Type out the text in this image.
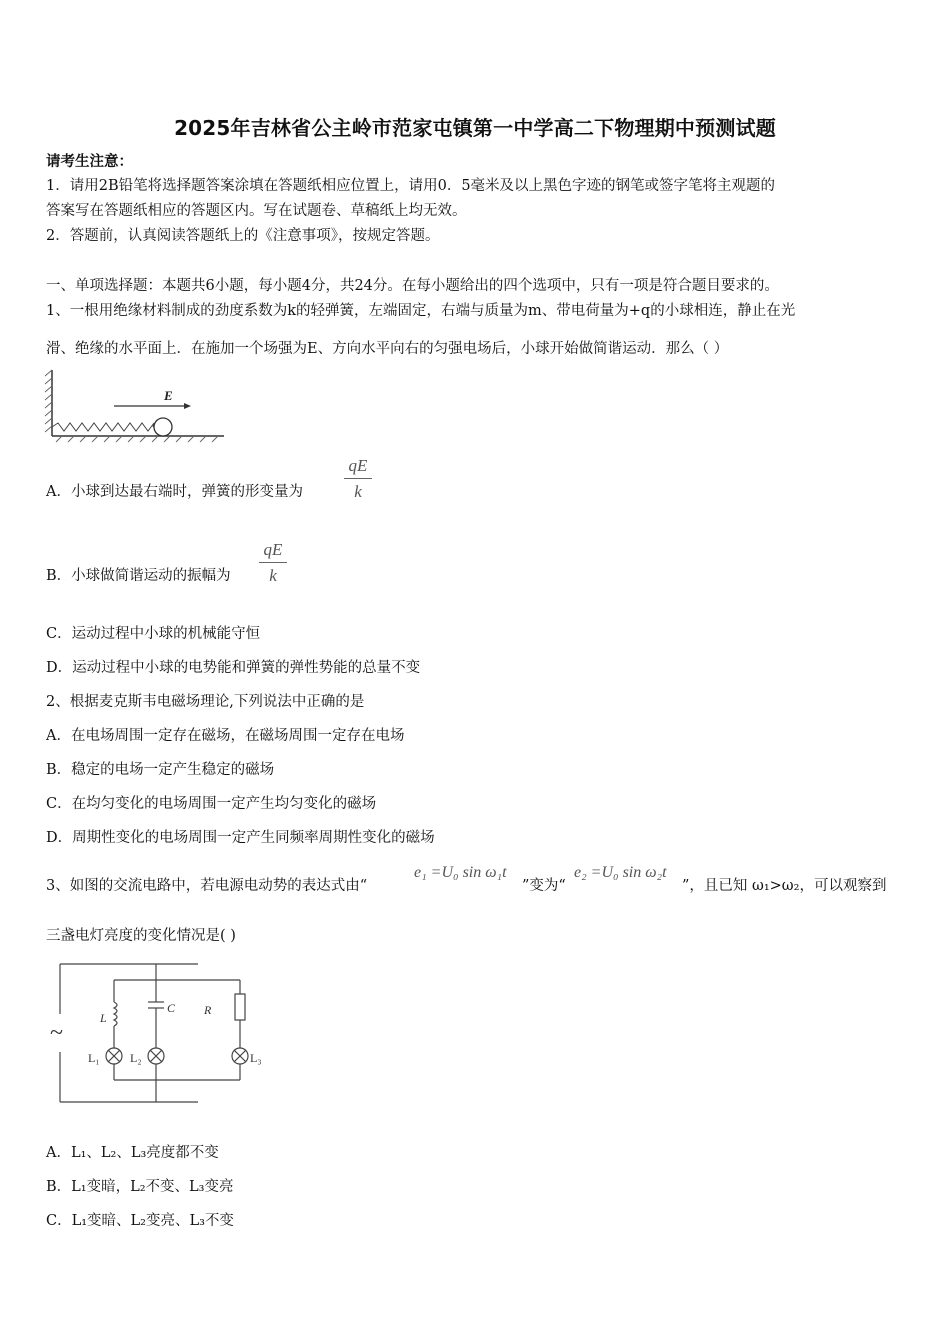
2025年吉林省公主岭市范家屯镇第一中学高二下物理期中预测试题
请考生注意：
1．请用2B铅笔将选择题答案涂填在答题纸相应位置上，请用0．5毫米及以上黑色字迹的钢笔或签字笔将主观题的
答案写在答题纸相应的答题区内。写在试题卷、草稿纸上均无效。
2．答题前，认真阅读答题纸上的《注意事项》，按规定答题。
一、单项选择题：本题共6小题，每小题4分，共24分。在每小题给出的四个选项中，只有一项是符合题目要求的。
1、一根用绝缘材料制成的劲度系数为k的轻弹簧，左端固定，右端与质量为m、带电荷量为+q的小球相连，静止在光
滑、绝缘的水平面上．在施加一个场强为E、方向水平向右的匀强电场后，小球开始做简谐运动．那么（ ）
E
A．小球到达最右端时，弹簧的形变量为
qE
k
B．小球做简谐运动的振幅为
qE
k
C．运动过程中小球的机械能守恒
D．运动过程中小球的电势能和弹簧的弹性势能的总量不变
2、根据麦克斯韦电磁场理论,下列说法中正确的是
A．在电场周围一定存在磁场，在磁场周围一定存在电场
B．稳定的电场一定产生稳定的磁场
C．在均匀变化的电场周围一定产生均匀变化的磁场
D．周期性变化的电场周围一定产生同频率周期性变化的磁场
3、如图的交流电路中，若电源电动势的表达式由“
e₁ =U₀ sin ω₁t
”变为“
e₂ =U₀ sin ω₂t
”，且已知 ω₁>ω₂，可以观察到
三盏电灯亮度的变化情况是( )
~
L
C R
L₁	L₂	L₃
A．L₁、L₂、L₃亮度都不变
B．L₁变暗，L₂不变、L₃变亮
C．L₁变暗、L₂变亮、L₃不变
